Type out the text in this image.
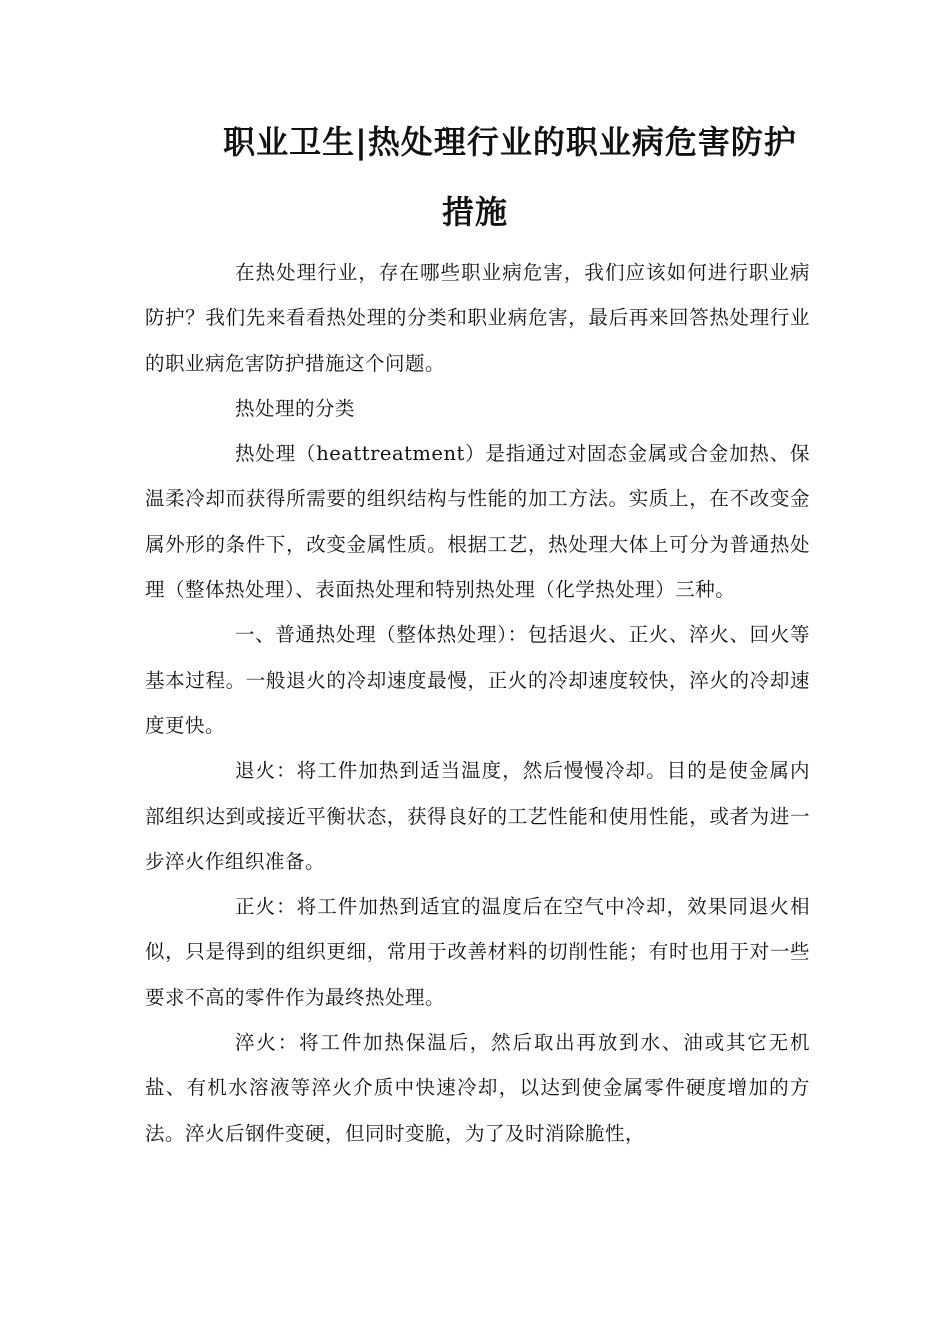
职业卫生|热处理行业的职业病危害防护
措施

在热处理行业，存在哪些职业病危害，我们应该如何进行职业病防护？我们先来看看热处理的分类和职业病危害，最后再来回答热处理行业的职业病危害防护措施这个问题。

热处理的分类

热处理（heattreatment）是指通过对固态金属或合金加热、保温柔冷却而获得所需要的组织结构与性能的加工方法。实质上，在不改变金属外形的条件下，改变金属性质。根据工艺，热处理大体上可分为普通热处理（整体热处理）、表面热处理和特别热处理（化学热处理）三种。

一、普通热处理（整体热处理）：包括退火、正火、淬火、回火等基本过程。一般退火的冷却速度最慢，正火的冷却速度较快，淬火的冷却速度更快。

退火：将工件加热到适当温度，然后慢慢冷却。目的是使金属内部组织达到或接近平衡状态，获得良好的工艺性能和使用性能，或者为进一步淬火作组织准备。

正火：将工件加热到适宜的温度后在空气中冷却，效果同退火相似，只是得到的组织更细，常用于改善材料的切削性能；有时也用于对一些要求不高的零件作为最终热处理。

淬火：将工件加热保温后，然后取出再放到水、油或其它无机盐、有机水溶液等淬火介质中快速冷却，以达到使金属零件硬度增加的方法。淬火后钢件变硬，但同时变脆，为了及时消除脆性，
